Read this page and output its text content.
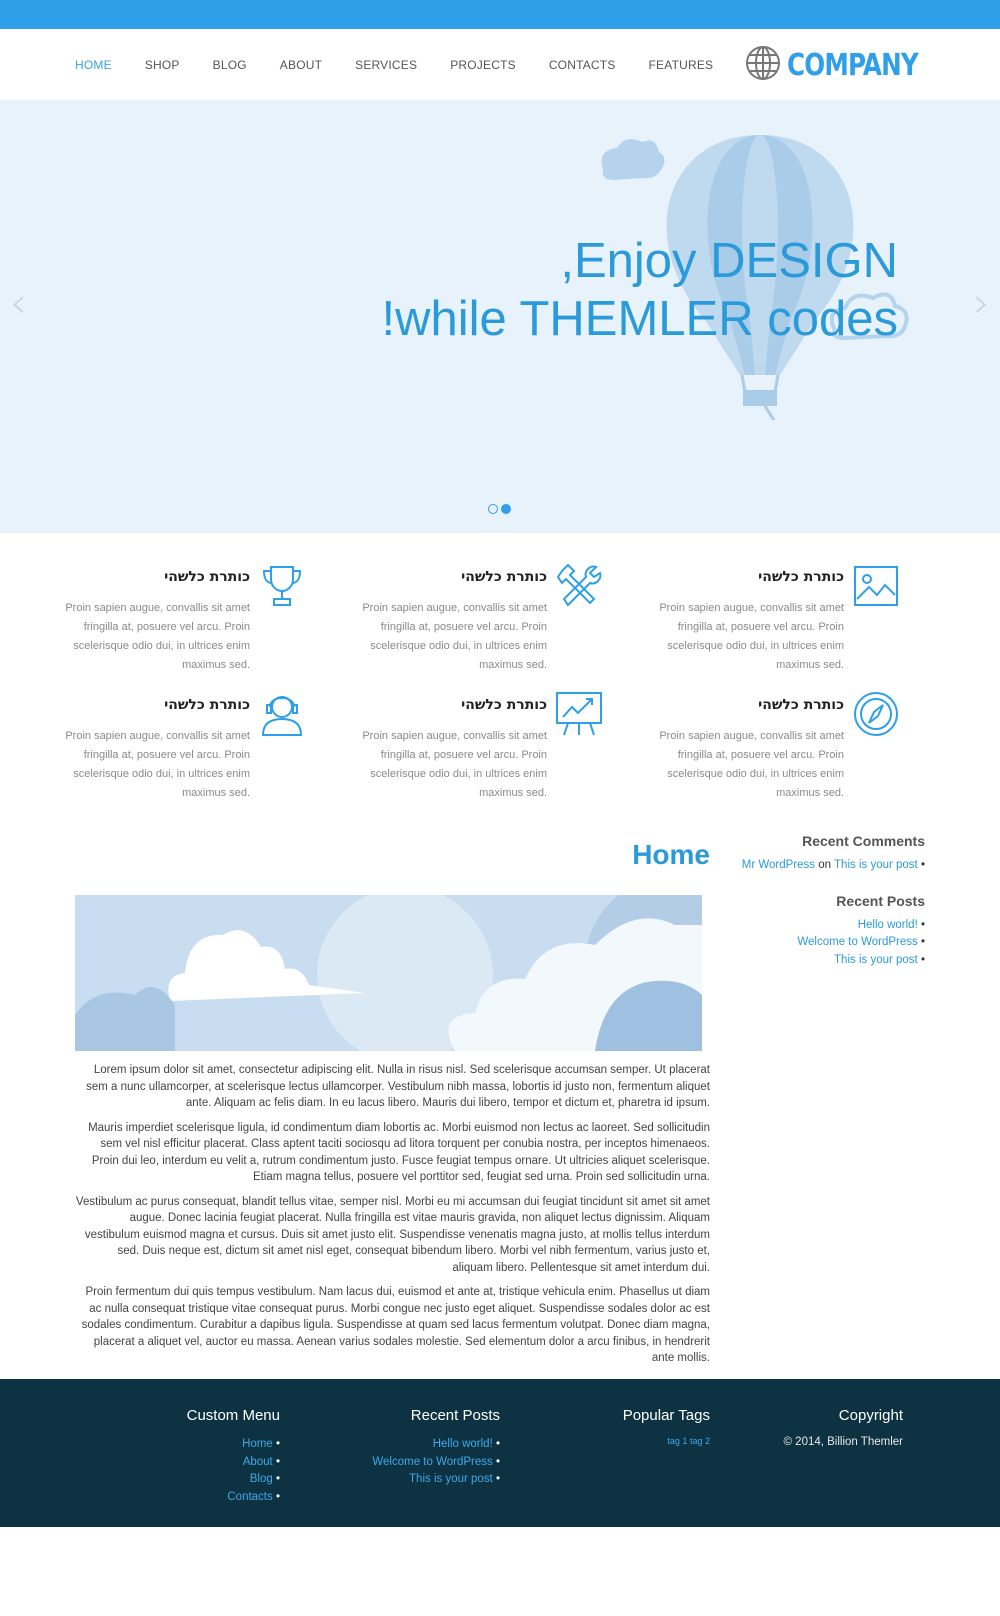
HOME	SHOP	BLOG	ABOUT	SERVICES	PROJECTS	CONTACTS	FEATURES COMPANY
Enjoy DESIGN,
while THEMLER codes!
‹	›
כותרת כלשהי
Proin sapien augue, convallis sit amet fringilla at, posuere vel arcu. Proin scelerisque odio dui, in ultrices enim maximus sed.
כותרת כלשהי
Proin sapien augue, convallis sit amet fringilla at, posuere vel arcu. Proin scelerisque odio dui, in ultrices enim maximus sed.
כותרת כלשהי
Proin sapien augue, convallis sit amet fringilla at, posuere vel arcu. Proin scelerisque odio dui, in ultrices enim maximus sed.
כותרת כלשהי
Proin sapien augue, convallis sit amet fringilla at, posuere vel arcu. Proin scelerisque odio dui, in ultrices enim maximus sed.
כותרת כלשהי
Proin sapien augue, convallis sit amet fringilla at, posuere vel arcu. Proin scelerisque odio dui, in ultrices enim maximus sed.
כותרת כלשהי
Proin sapien augue, convallis sit amet fringilla at, posuere vel arcu. Proin scelerisque odio dui, in ultrices enim maximus sed.
Home

Lorem ipsum dolor sit amet, consectetur adipiscing elit. Nulla in risus nisl. Sed scelerisque accumsan semper. Ut placerat sem a nunc ullamcorper, at scelerisque lectus ullamcorper. Vestibulum nibh massa, lobortis id justo non, fermentum aliquet ante. Aliquam ac felis diam. In eu lacus libero. Mauris dui libero, tempor et dictum et, pharetra id ipsum.

Mauris imperdiet scelerisque ligula, id condimentum diam lobortis ac. Morbi euismod non lectus ac laoreet. Sed sollicitudin sem vel nisl efficitur placerat. Class aptent taciti sociosqu ad litora torquent per conubia nostra, per inceptos himenaeos. Proin dui leo, interdum eu velit a, rutrum condimentum justo. Fusce feugiat tempus ornare. Ut ultricies aliquet scelerisque. Etiam magna tellus, posuere vel porttitor sed, feugiat sed urna. Proin sed sollicitudin urna.

Vestibulum ac purus consequat, blandit tellus vitae, semper nisl. Morbi eu mi accumsan dui feugiat tincidunt sit amet sit amet augue. Donec lacinia feugiat placerat. Nulla fringilla est vitae mauris gravida, non aliquet lectus dignissim. Aliquam vestibulum euismod magna et cursus. Duis sit amet justo elit. Suspendisse venenatis magna justo, at mollis tellus interdum sed. Duis neque est, dictum sit amet nisl eget, consequat bibendum libero. Morbi vel nibh fermentum, varius justo et, aliquam libero. Pellentesque sit amet interdum dui.

Proin fermentum dui quis tempus vestibulum. Nam lacus dui, euismod et ante at, tristique vehicula enim. Phasellus ut diam ac nulla consequat tristique vitae consequat purus. Morbi congue nec justo eget aliquet. Suspendisse sodales dolor ac est sodales condimentum. Curabitur a dapibus ligula. Suspendisse at quam sed lacus fermentum volutpat. Donec diam magna, placerat a aliquet vel, auctor eu massa. Aenean varius sodales molestie. Sed elementum dolor a arcu finibus, in hendrerit ante mollis.

Recent Comments
Mr WordPress on This is your post •
Recent Posts
Hello world! •
Welcome to WordPress •
This is your post •
Copyright
© 2014, Billion Themler
Popular Tags
tag 1 tag 2
Recent Posts
Hello world! •
Welcome to WordPress •
This is your post •
Custom Menu
Home •
About •
Blog •
Contacts •
